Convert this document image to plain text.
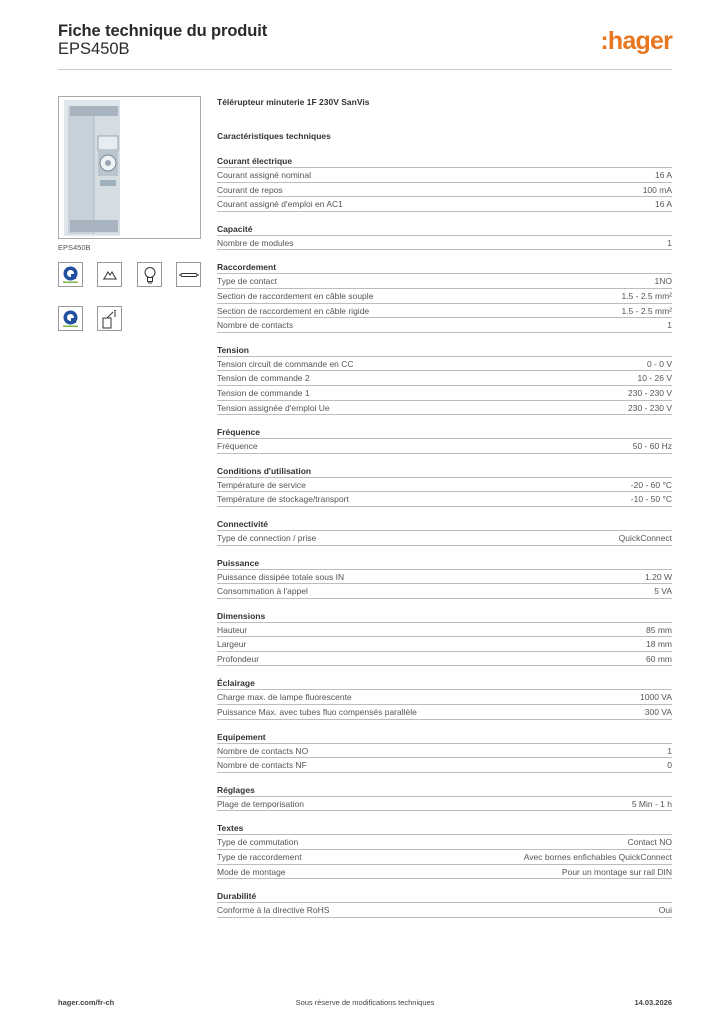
Fiche technique du produit
EPS450B	:hager
EPS450B
Télérupteur minuterie 1F 230V SanVis
Caractéristiques techniques
Courant électrique
Courant assigné nominal	16 A
Courant de repos	100 mA
Courant assigné d'emploi en AC1	16 A
Capacité
Nombre de modules	1
Raccordement
Type de contact	1NO
Section de raccordement en câble souple	1.5 - 2.5 mm²
Section de raccordement en câble rigide	1.5 - 2.5 mm²
Nombre de contacts	1
Tension
Tension circuit de commande en CC	0 - 0 V
Tension de commande 2	10 - 26 V
Tension de commande 1	230 - 230 V
Tension assignée d'emploi Ue	230 - 230 V
Fréquence
Fréquence	50 - 60 Hz
Conditions d'utilisation
Température de service	-20 - 60 °C
Température de stockage/transport	-10 - 50 °C
Connectivité
Type de connection / prise	QuickConnect
Puissance
Puissance dissipée totale sous IN	1.20 W
Consommation à l'appel	5 VA
Dimensions
Hauteur	85 mm
Largeur	18 mm
Profondeur	60 mm
Éclairage
Charge max. de lampe fluorescente	1000 VA
Puissance Max. avec tubes fluo compensés parallèle	300 VA
Equipement
Nombre de contacts NO	1
Nombre de contacts NF	0
Réglages
Plage de temporisation	5 Min - 1 h
Textes
Type de commutation	Contact NO
Type de raccordement	Avec bornes enfichables QuickConnect
Mode de montage	Pour un montage sur rail DIN
Durabilité
Conforme à la directive RoHS	Oui
hager.com/fr-ch	Sous réserve de modifications techniques	14.03.2026
